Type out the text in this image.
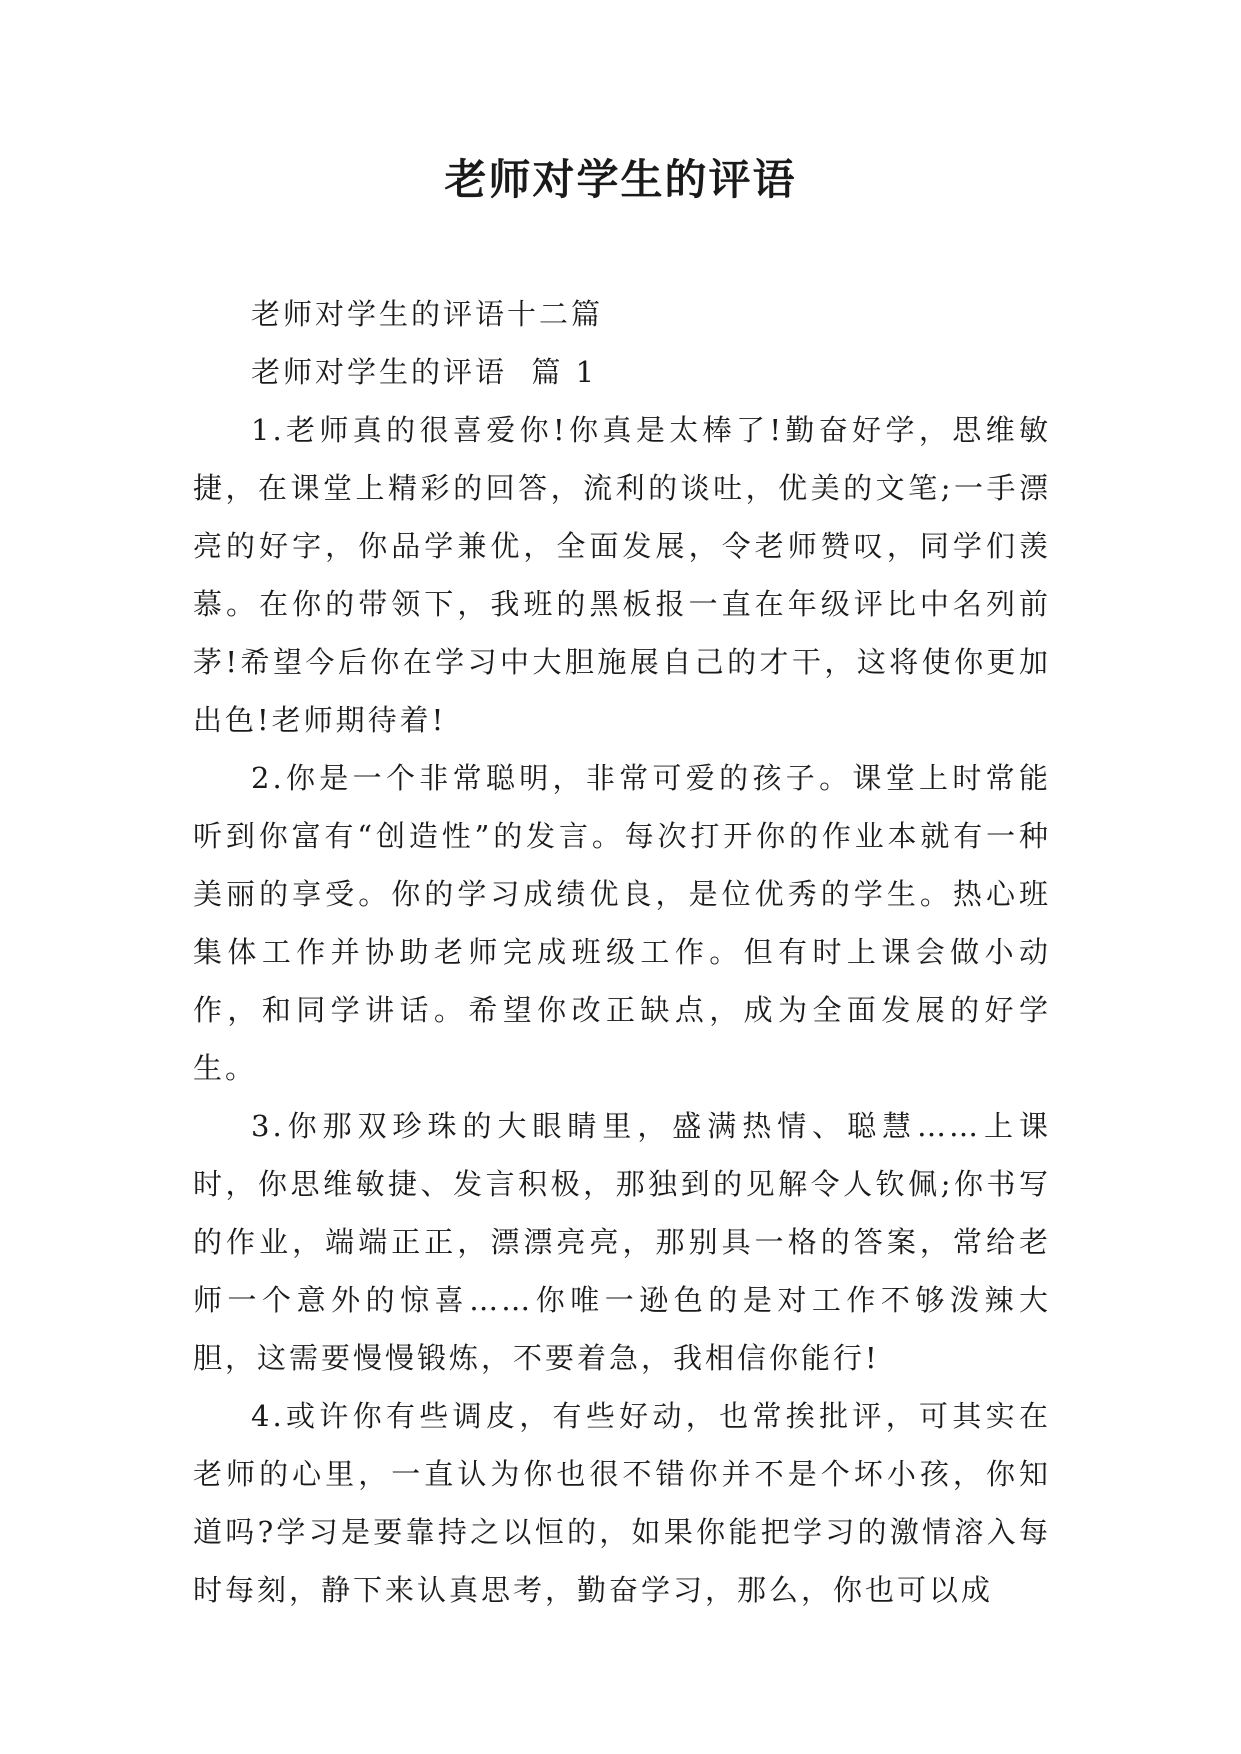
老师对学生的评语

老师对学生的评语十二篇

老师对学生的评语  篇 1

1.老师真的很喜爱你!你真是太棒了!勤奋好学，思维敏捷，在课堂上精彩的回答，流利的谈吐，优美的文笔;一手漂亮的好字，你品学兼优，全面发展，令老师赞叹，同学们羡慕。在你的带领下，我班的黑板报一直在年级评比中名列前茅!希望今后你在学习中大胆施展自己的才干，这将使你更加出色!老师期待着!

2.你是一个非常聪明，非常可爱的孩子。课堂上时常能听到你富有“创造性”的发言。每次打开你的作业本就有一种美丽的享受。你的学习成绩优良，是位优秀的学生。热心班集体工作并协助老师完成班级工作。但有时上课会做小动作，和同学讲话。希望你改正缺点，成为全面发展的好学生。

3.你那双珍珠的大眼睛里，盛满热情、聪慧……上课时，你思维敏捷、发言积极，那独到的见解令人钦佩;你书写的作业，端端正正，漂漂亮亮，那别具一格的答案，常给老师一个意外的惊喜……你唯一逊色的是对工作不够泼辣大胆，这需要慢慢锻炼，不要着急，我相信你能行!

4.或许你有些调皮，有些好动，也常挨批评，可其实在老师的心里，一直认为你也很不错你并不是个坏小孩，你知道吗?学习是要靠持之以恒的，如果你能把学习的激情溶入每时每刻，静下来认真思考，勤奋学习，那么，你也可以成
